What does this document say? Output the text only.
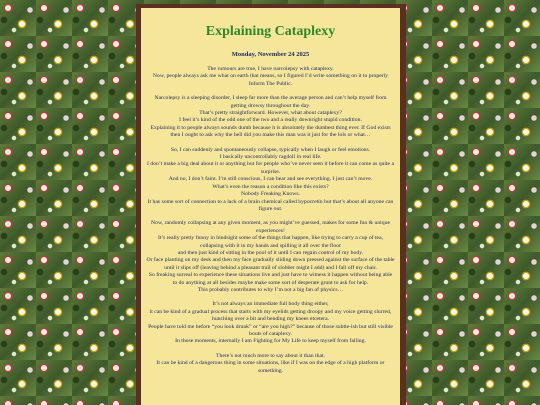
Explaining Cataplexy
Monday, November 24 2025
The rumours are true, I have narcolepsy with cataplexy.
Now, people always ask me what on earth that means, so I figured I’d write something on it to properly Inform The Public.
Narcolepsy is a sleeping disorder, I sleep far more than the average person and can’t help myself from getting drowsy throughout the day.
That’s pretty straightforward. However, what about cataplexy?
I feel it’s kind of the odd one of the two and a really downright stupid condition.
Explaining it to people always sounds dumb because it is absolutely the dumbest thing ever. If God exists then I ought to ask why the hell did you make this man was it just for the lols or what…
So, I can suddenly and spontaneously collapse, typically when I laugh or feel emotions.
I basically uncontrollably ragdoll in real life.
I don’t make a big deal about it or anything but for people who’ve never seen it before it can come as quite a surprise.
And no, I don’t faint. I’m still conscious, I can hear and see everything. I just can’t move.
What’s even the reason a condition like this exists?
Nobody Freaking Knows.
It has some sort of connection to a lack of a brain chemical called hypocretin but that’s about all anyone can figure out.
Now, randomly collapsing at any given moment, as you might’ve guessed, makes for some fun & unique experiences!
It’s really pretty funny in hindsight some of the things that happen, like trying to carry a cup of tea, collapsing with it in my hands and spilling it all over the floor
and then just kind of sitting in the pool of it until I can regain control of my body.
Or face planting on my desk and then my face gradually sliding down pressed against the surface of the table until it slips off (leaving behind a pleasant trail of slobber might I add) and I fall off my chair.
So freaking surreal to experience these situations live and just have to witness it happen without being able to do anything at all besides maybe make some sort of desperate grunt to ask for help.
This probably contributes to why I’m not a big fan of physics…
It’s not always an immediate full body thing either,
it can be kind of a gradual process that starts with my eyelids getting droopy and my voice getting slurred, hunching over a bit and bending my knees etcetera.
People have told me before “you look drunk” or “are you high?” because of those subtle-ish but still visible bouts of cataplexy.
In those moments, internally I am Fighting for My Life to keep myself from falling.
There’s not much more to say about it than that.
It can be kind of a dangerous thing in some situations, like if I was on the edge of a high platform or something.
